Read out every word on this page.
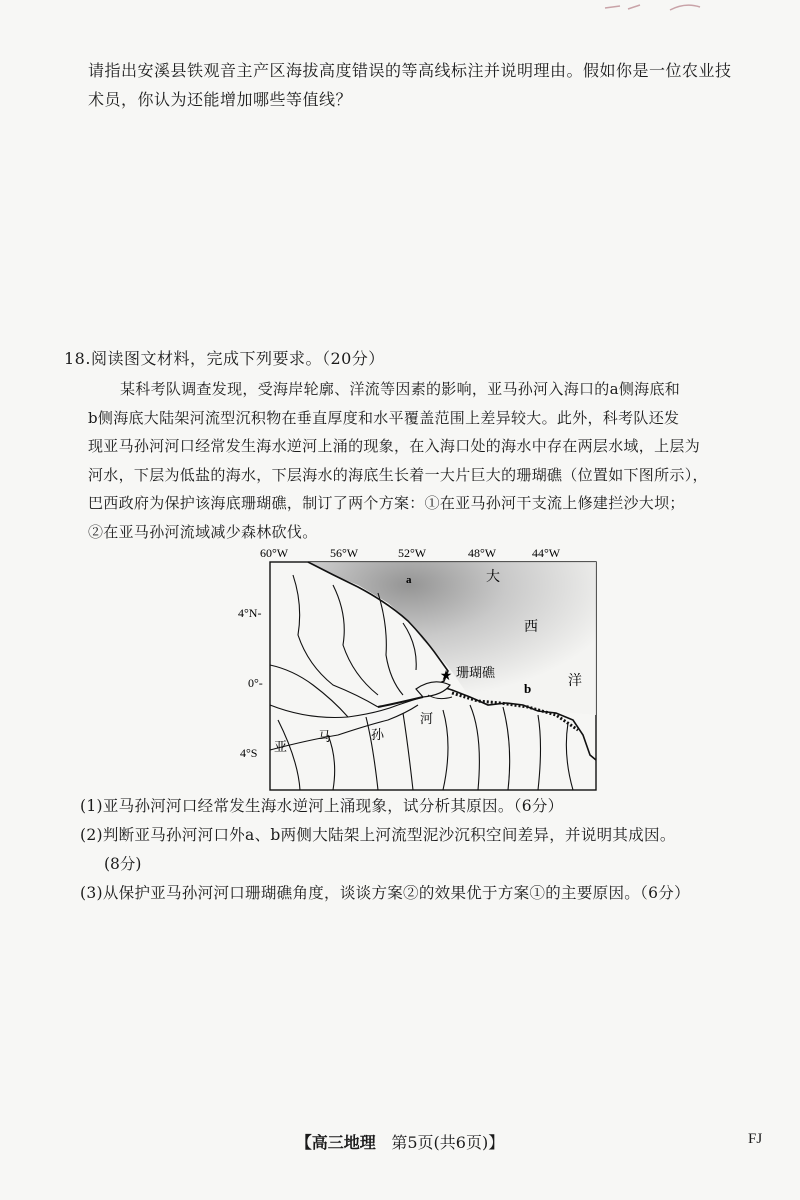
请指出安溪县铁观音主产区海拔高度错误的等高线标注并说明理由。假如你是一位农业技
术员，你认为还能增加哪些等值线？
18.阅读图文材料，完成下列要求。（20分）
某科考队调查发现，受海岸轮廓、洋流等因素的影响，亚马孙河入海口的a侧海底和
b侧海底大陆架河流型沉积物在垂直厚度和水平覆盖范围上差异较大。此外，科考队还发
现亚马孙河河口经常发生海水逆河上涌的现象，在入海口处的海水中存在两层水域，上层为
河水，下层为低盐的海水，下层海水的海底生长着一大片巨大的珊瑚礁（位置如下图所示），
巴西政府为保护该海底珊瑚礁，制订了两个方案：①在亚马孙河干支流上修建拦沙大坝；
②在亚马孙河流域减少森林砍伐。
60°W	56°W	52°W	48°W	44°W
4°N-
0°-
4°S
大
西
洋
a
b
★ 珊瑚礁
亚
马	孙
河
(1)亚马孙河河口经常发生海水逆河上涌现象，试分析其原因。（6分）
(2)判断亚马孙河河口外a、b两侧大陆架上河流型泥沙沉积空间差异，并说明其成因。
(8分)
(3)从保护亚马孙河河口珊瑚礁角度，谈谈方案②的效果优于方案①的主要原因。（6分）
【高三地理 第5页(共6页)】	FJ
